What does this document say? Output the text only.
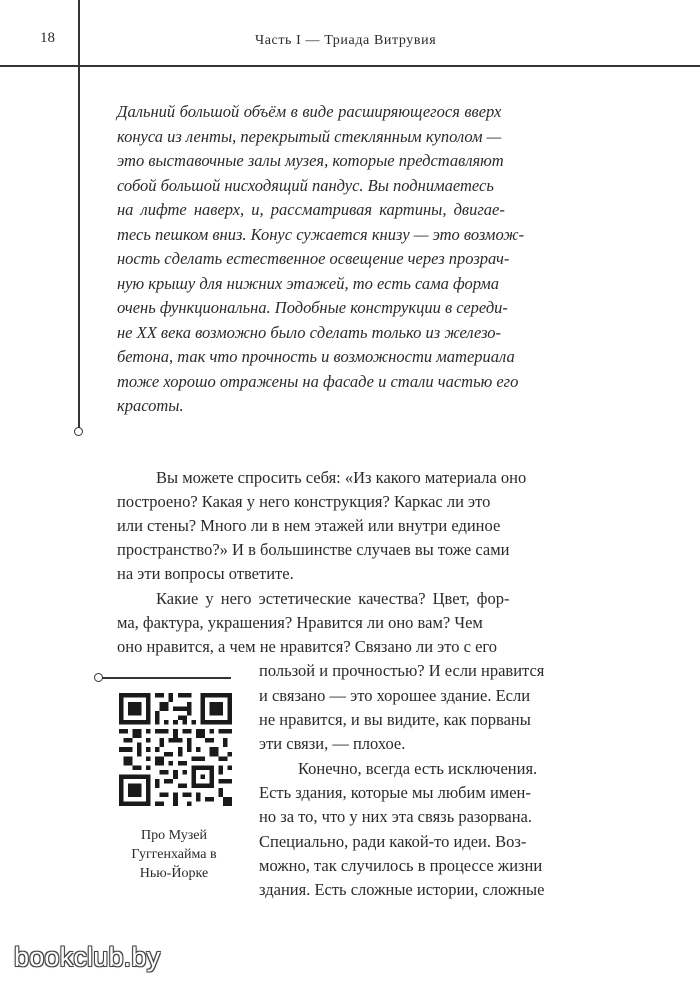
18	Часть I — Триада Витрувия
Дальний большой объём в виде расширяющегося вверх
конуса из ленты, перекрытый стеклянным куполом —
это выставочные залы музея, которые представляют
собой большой нисходящий пандус. Вы поднимаетесь
на лифте наверх, и, рассматривая картины, двигае-
тесь пешком вниз. Конус сужается книзу — это возмож-
ность сделать естественное освещение через прозрач-
ную крышу для нижних этажей, то есть сама форма
очень функциональна. Подобные конструкции в середи-
не XX века возможно было сделать только из железо-
бетона, так что прочность и возможности материала
тоже хорошо отражены на фасаде и стали частью его
красоты.
Вы можете спросить себя: «Из какого материала оно
построено? Какая у него конструкция? Каркас ли это
или стены? Много ли в нем этажей или внутри единое
пространство?» И в большинстве случаев вы тоже сами
на эти вопросы ответите.
Какие у него эстетические качества? Цвет, фор-
ма, фактура, украшения? Нравится ли оно вам? Чем
оно нравится, а чем не нравится? Связано ли это с его
пользой и прочностью? И если нравится
и связано — это хорошее здание. Если
не нравится, и вы видите, как порваны
эти связи, — плохое.
Конечно, всегда есть исключения.
Есть здания, которые мы любим имен-
но за то, что у них эта связь разорвана.
Специально, ради какой-то идеи. Воз-
можно, так случилось в процессе жизни
здания. Есть сложные истории, сложные
Про Музей
Гуггенхайма в
Нью-Йорке
bookclub.by
